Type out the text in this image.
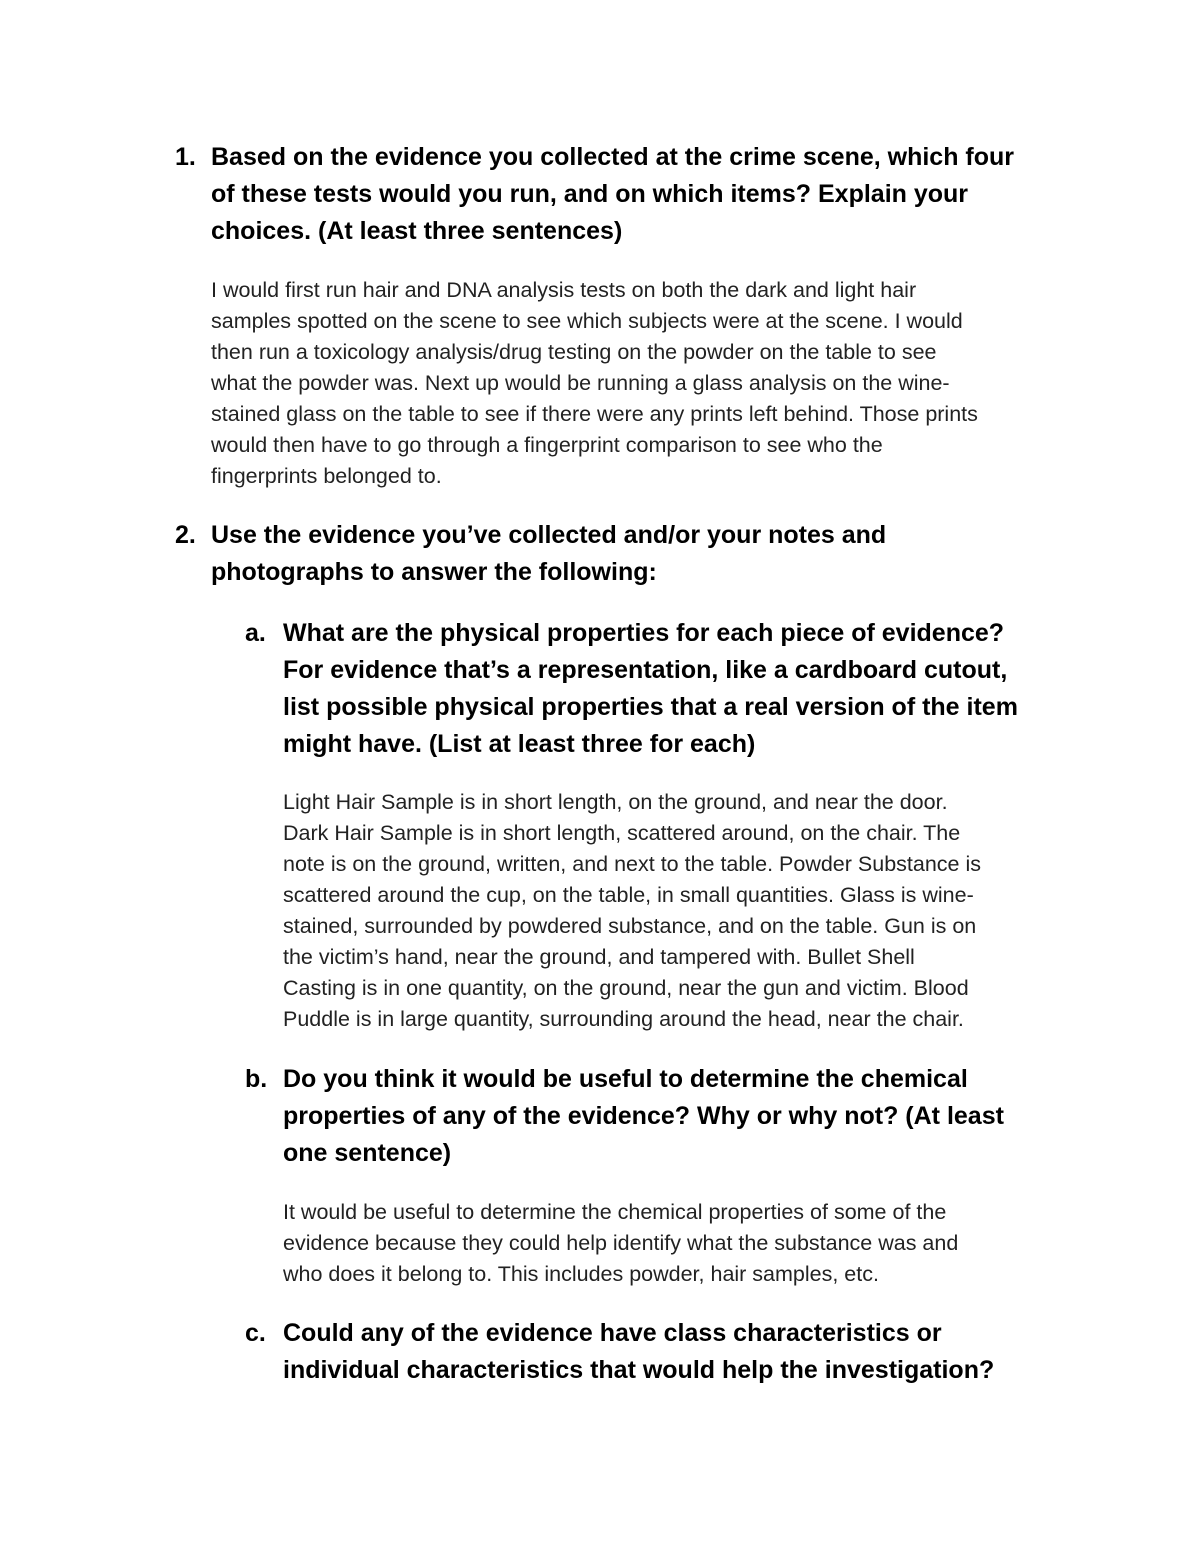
1. Based on the evidence you collected at the crime scene, which four
of these tests would you run, and on which items? Explain your
choices. (At least three sentences)
I would first run hair and DNA analysis tests on both the dark and light hair
samples spotted on the scene to see which subjects were at the scene. I would
then run a toxicology analysis/drug testing on the powder on the table to see
what the powder was. Next up would be running a glass analysis on the wine-
stained glass on the table to see if there were any prints left behind. Those prints
would then have to go through a fingerprint comparison to see who the
fingerprints belonged to.
2. Use the evidence you’ve collected and/or your notes and
photographs to answer the following:
a. What are the physical properties for each piece of evidence?
For evidence that’s a representation, like a cardboard cutout,
list possible physical properties that a real version of the item
might have. (List at least three for each)
Light Hair Sample is in short length, on the ground, and near the door.
Dark Hair Sample is in short length, scattered around, on the chair. The
note is on the ground, written, and next to the table. Powder Substance is
scattered around the cup, on the table, in small quantities. Glass is wine-
stained, surrounded by powdered substance, and on the table. Gun is on
the victim’s hand, near the ground, and tampered with. Bullet Shell
Casting is in one quantity, on the ground, near the gun and victim. Blood
Puddle is in large quantity, surrounding around the head, near the chair.
b. Do you think it would be useful to determine the chemical
properties of any of the evidence? Why or why not? (At least
one sentence)
It would be useful to determine the chemical properties of some of the
evidence because they could help identify what the substance was and
who does it belong to. This includes powder, hair samples, etc.
c. Could any of the evidence have class characteristics or
individual characteristics that would help the investigation?
